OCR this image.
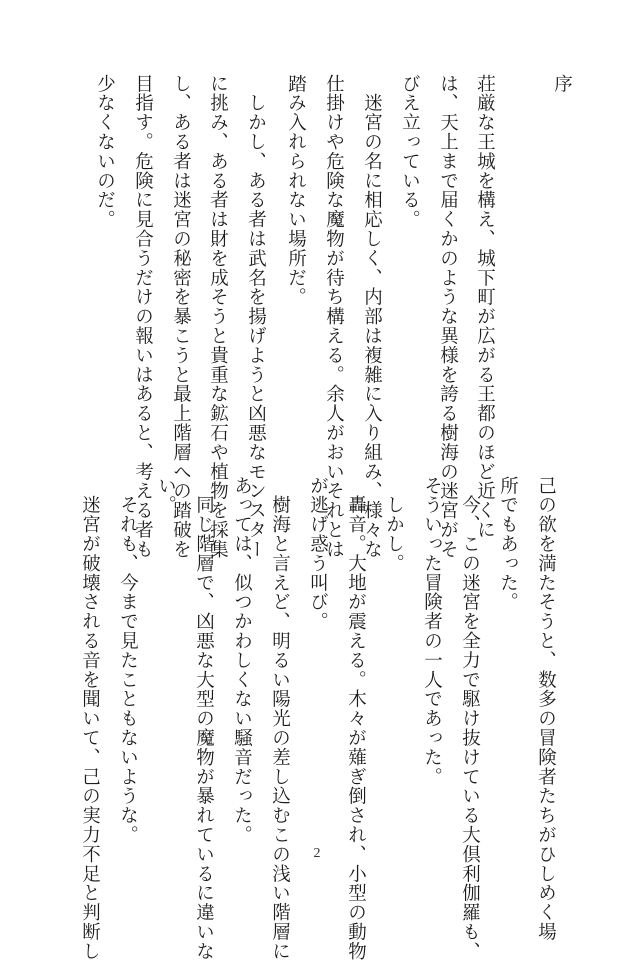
序
荘厳な王城を構え、城下町が広がる王都のほど近くに
は、天上まで届くかのような異様を誇る樹海の迷宮がそ
びえ立っている。
　迷宮の名に相応しく、内部は複雑に入り組み、様々な
仕掛けや危険な魔物が待ち構える。余人がおいそれとは
踏み入れられない場所だ。
　しかし、ある者は武名を揚げようと凶悪なモンスター
に挑み、ある者は財を成そうと貴重な鉱石や植物を採集
し、ある者は迷宮の秘密を暴こうと最上階層への踏破を
目指す。危険に見合うだけの報いはあると、考える者も
少なくないのだ。
己の欲を満たそうと、数多の冒険者たちがひしめく場
所でもあった。
　今、この迷宮を全力で駆け抜けている大倶利伽羅も、
そういった冒険者の一人であった。
　しかし。
　轟音。大地が震える。木々が薙ぎ倒され、小型の動物
が逃げ惑う叫び。
　樹海と言えど、明るい陽光の差し込むこの浅い階層に
あっては、似つかわしくない騒音だった。
　同じ階層で、凶悪な大型の魔物が暴れているに違いな
い。
　それも、今まで見たこともないような。
　迷宮が破壊される音を聞いて、己の実力不足と判断し	2
